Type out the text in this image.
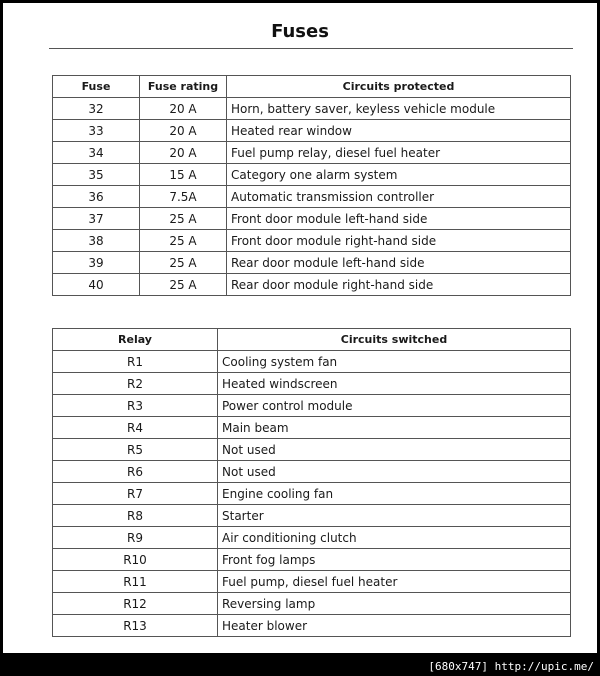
Fuses
Fuse	Fuse rating	Circuits protected
32	20 A	Horn, battery saver, keyless vehicle module
33	20 A	Heated rear window
34	20 A	Fuel pump relay, diesel fuel heater
35	15 A	Category one alarm system
36	7.5A	Automatic transmission controller
37	25 A	Front door module left-hand side
38	25 A	Front door module right-hand side
39	25 A	Rear door module left-hand side
40	25 A	Rear door module right-hand side
Relay	Circuits switched
R1	Cooling system fan
R2	Heated windscreen
R3	Power control module
R4	Main beam
R5	Not used
R6	Not used
R7	Engine cooling fan
R8	Starter
R9	Air conditioning clutch
R10	Front fog lamps
R11	Fuel pump, diesel fuel heater
R12	Reversing lamp
R13	Heater blower
[680x747] http://upic.me/
